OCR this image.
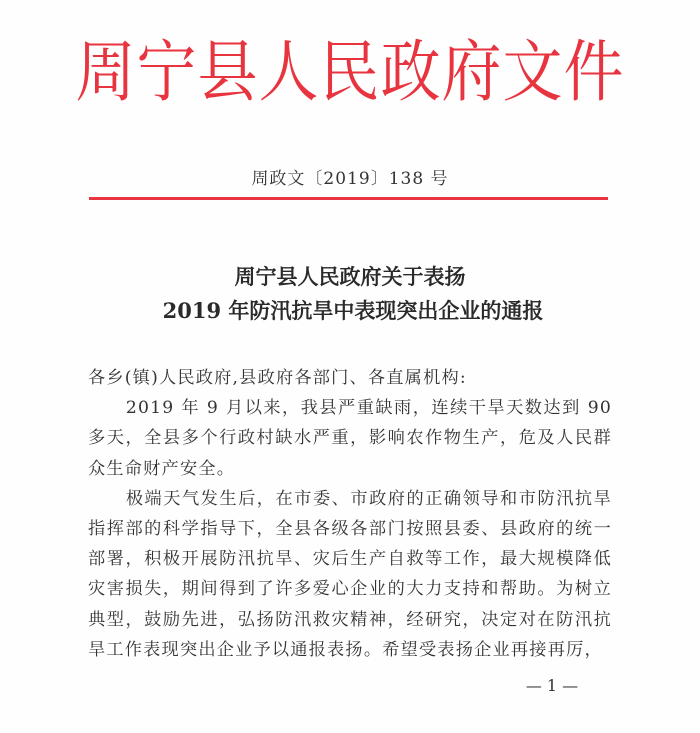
周宁县人民政府文件
周政文〔2019〕138 号
周宁县人民政府关于表扬
2019 年防汛抗旱中表现突出企业的通报

各乡(镇)人民政府,县政府各部门、各直属机构:

2019 年 9 月以来，我县严重缺雨，连续干旱天数达到 90 多天，全县多个行政村缺水严重，影响农作物生产，危及人民群众生命财产安全。

极端天气发生后，在市委、市政府的正确领导和市防汛抗旱指挥部的科学指导下，全县各级各部门按照县委、县政府的统一部署，积极开展防汛抗旱、灾后生产自救等工作，最大规模降低灾害损失，期间得到了许多爱心企业的大力支持和帮助。为树立典型，鼓励先进，弘扬防汛救灾精神，经研究，决定对在防汛抗旱工作表现突出企业予以通报表扬。希望受表扬企业再接再厉，

— 1 —
